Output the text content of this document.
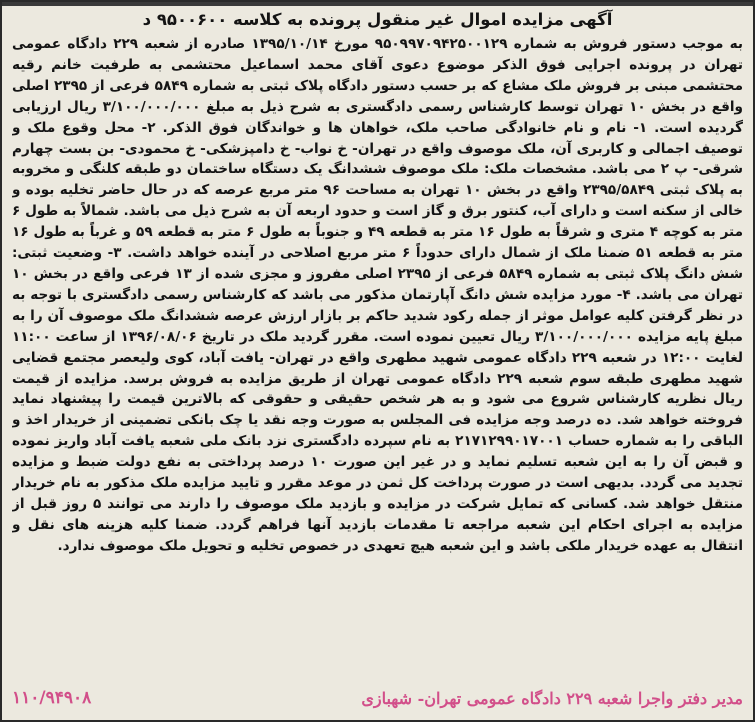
آگهی مزایده اموال غیر منقول پرونده به کلاسه ۹۵۰۰۶۰۰ د

به موجب دستور فروش به شماره ۹۵۰۹۹۷۰۹۴۲۵۰۰۱۲۹ مورخ ۱۳۹۵/۱۰/۱۴ صادره از شعبه ۲۲۹ دادگاه عمومی تهران در پرونده اجرایی فوق الذکر موضوع دعوی آقای محمد اسماعیل محتشمی به طرفیت خانم رقیه محتشمی مبنی بر فروش ملک مشاع که بر حسب دستور دادگاه پلاک ثبتی به شماره ۵۸۴۹ فرعی از ۲۳۹۵ اصلی واقع در بخش ۱۰ تهران توسط کارشناس رسمی دادگستری به شرح ذیل به مبلغ ۳/۱۰۰/۰۰۰/۰۰۰ ریال ارزیابی گردیده است. ۱- نام و نام خانوادگی صاحب ملک، خواهان ها و خواندگان فوق الذکر. ۲- محل وقوع ملک و توصیف اجمالی و کاربری آن، ملک موصوف واقع در تهران- خ نواب- خ دامپزشکی- خ محمودی- بن بست چهارم شرقی- پ ۲ می باشد. مشخصات ملک: ملک موصوف ششدانگ یک دستگاه ساختمان دو طبقه کلنگی و مخروبه به پلاک ثبتی ۲۳۹۵/۵۸۴۹ واقع در بخش ۱۰ تهران به مساحت ۹۶ متر مربع عرصه که در حال حاضر تخلیه بوده و خالی از سکنه است و دارای آب، کنتور برق و گاز است و حدود اربعه آن به شرح ذیل می باشد. شمالاً به طول ۶ متر به کوچه ۴ متری و شرقاً به طول ۱۶ متر به قطعه ۴۹ و جنوباً به طول ۶ متر به قطعه ۵۹ و غرباً به طول ۱۶ متر به قطعه ۵۱ ضمنا ملک از شمال دارای حدوداً ۶ متر مربع اصلاحی در آینده خواهد داشت. ۳- وضعیت ثبتی: شش دانگ پلاک ثبتی به شماره ۵۸۴۹ فرعی از ۲۳۹۵ اصلی مفروز و مجزی شده از ۱۳ فرعی واقع در بخش ۱۰ تهران می باشد. ۴- مورد مزایده شش دانگ آپارتمان مذکور می باشد که کارشناس رسمی دادگستری با توجه به در نظر گرفتن کلیه عوامل موثر از جمله رکود شدید حاکم بر بازار ارزش عرصه ششدانگ ملک موصوف آن را به مبلغ پایه مزایده ۳/۱۰۰/۰۰۰/۰۰۰ ریال تعیین نموده است. مقرر گردید ملک در تاریخ ۱۳۹۶/۰۸/۰۶ از ساعت ۱۱:۰۰ لغایت ۱۲:۰۰ در شعبه ۲۲۹ دادگاه عمومی شهید مطهری واقع در تهران- یافت آباد، کوی ولیعصر مجتمع قضایی شهید مطهری طبقه سوم شعبه ۲۲۹ دادگاه عمومی تهران از طریق مزایده به فروش برسد. مزایده از قیمت ریال نظریه کارشناس شروع می شود و به هر شخص حقیقی و حقوقی که بالاترین قیمت را پیشنهاد نماید فروخته خواهد شد. ده درصد وجه مزایده فی المجلس به صورت وجه نقد یا چک بانکی تضمینی از خریدار اخذ و الباقی را به شماره حساب ۲۱۷۱۲۹۹۰۱۷۰۰۱ به نام سپرده دادگستری نزد بانک ملی شعبه یافت آباد واریز نموده و قبض آن را به این شعبه تسلیم نماید و در غیر این صورت ۱۰ درصد پرداختی به نفع دولت ضبط و مزایده تجدید می گردد. بدیهی است در صورت پرداخت کل ثمن در موعد مقرر و تایید مزایده ملک مذکور به نام خریدار منتقل خواهد شد. کسانی که تمایل شرکت در مزایده و بازدید ملک موصوف را دارند می توانند ۵ روز قبل از مزایده به اجرای احکام این شعبه مراجعه تا مقدمات بازدید آنها فراهم گردد. ضمنا کلیه هزینه های نقل و انتقال به عهده خریدار ملکی باشد و این شعبه هیچ تعهدی در خصوص تخلیه و تحویل ملک موصوف ندارد.

مدیر دفتر واجرا شعبه ۲۲۹ دادگاه عمومی تهران- شهبازی
۱۱۰/۹۴۹۰۸
